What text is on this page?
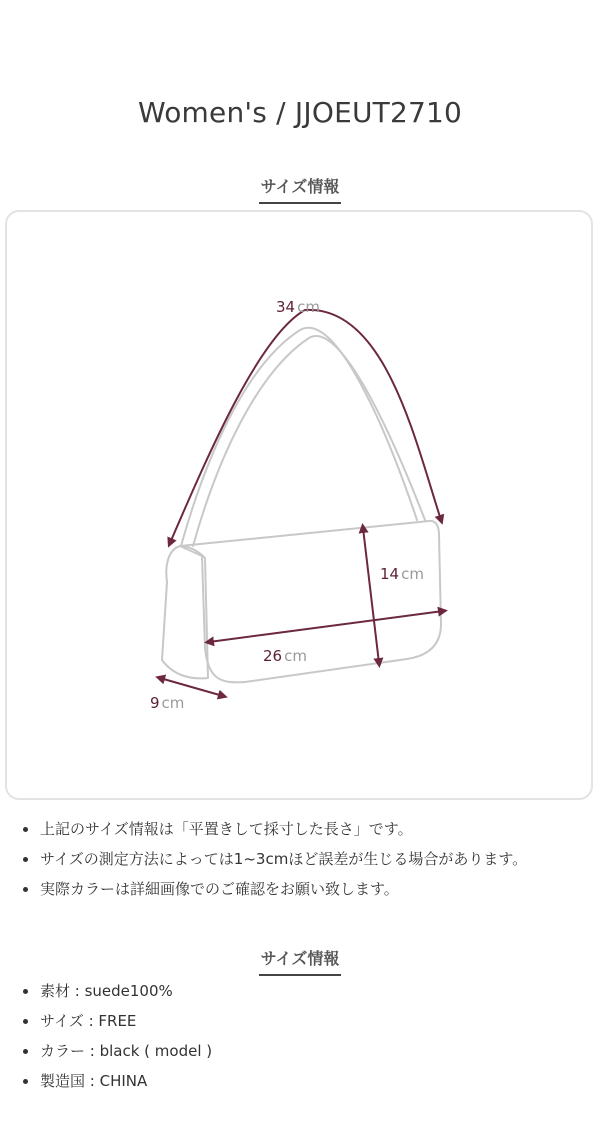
Women's / JJOEUT2710
サイズ情報
34 cm
14 cm
26 cm
9 cm
上記のサイズ情報は「平置きして採寸した長さ」です。
サイズの測定方法によっては1~3cmほど誤差が生じる場合があります。
実際カラーは詳細画像でのご確認をお願い致します。
サイズ情報
素材 : suede100%
サイズ : FREE
カラー : black ( model )
製造国 : CHINA
